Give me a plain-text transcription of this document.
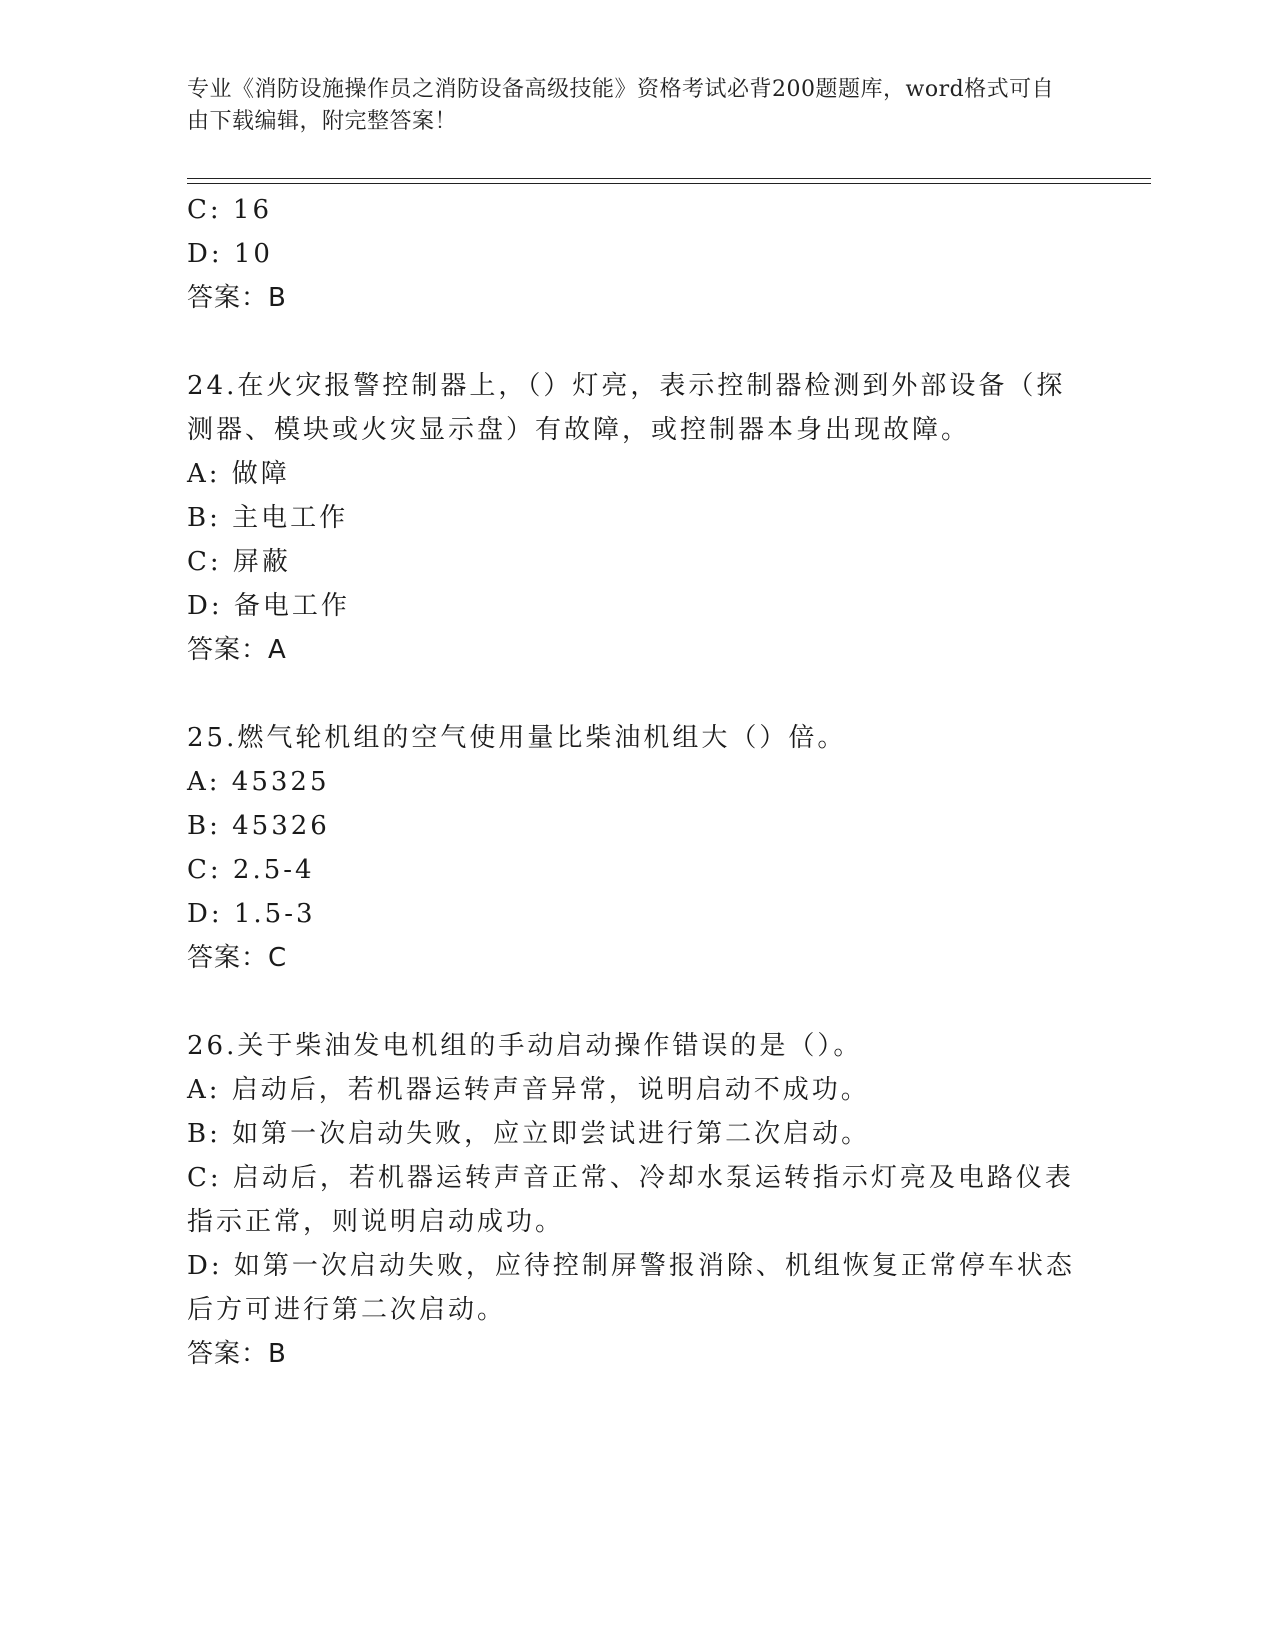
专业《消防设施操作员之消防设备高级技能》资格考试必背200题题库，word格式可自由下载编辑，附完整答案！
C: 16
D: 10
答案：B
24.在火灾报警控制器上，（）灯亮，表示控制器检测到外部设备（探
测器、模块或火灾显示盘）有故障，或控制器本身出现故障。
A: 做障
B: 主电工作
C: 屏蔽
D: 备电工作
答案：A
25.燃气轮机组的空气使用量比柴油机组大（）倍。
A: 45325
B: 45326
C: 2.5-4
D: 1.5-3
答案：C
26.关于柴油发电机组的手动启动操作错误的是（）。
A: 启动后，若机器运转声音异常，说明启动不成功。
B: 如第一次启动失败，应立即尝试进行第二次启动。
C: 启动后，若机器运转声音正常、冷却水泵运转指示灯亮及电路仪表
指示正常，则说明启动成功。
D: 如第一次启动失败，应待控制屏警报消除、机组恢复正常停车状态
后方可进行第二次启动。
答案：B
